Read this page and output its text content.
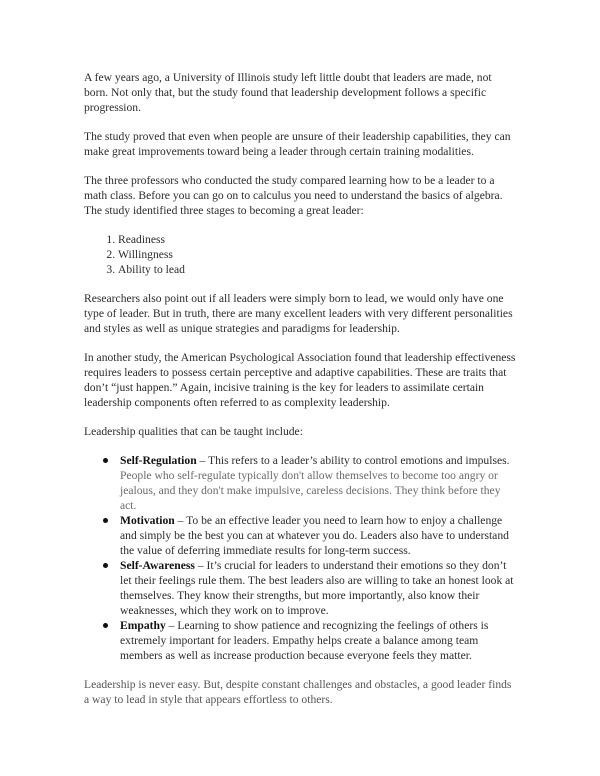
A few years ago, a University of Illinois study left little doubt that leaders are made, not born. Not only that, but the study found that leadership development follows a specific progression.

The study proved that even when people are unsure of their leadership capabilities, they can make great improvements toward being a leader through certain training modalities.

The three professors who conducted the study compared learning how to be a leader to a math class. Before you can go on to calculus you need to understand the basics of algebra. The study identified three stages to becoming a great leader:

1. Readiness
2. Willingness
3. Ability to lead

Researchers also point out if all leaders were simply born to lead, we would only have one type of leader. But in truth, there are many excellent leaders with very different personalities and styles as well as unique strategies and paradigms for leadership.

In another study, the American Psychological Association found that leadership effectiveness requires leaders to possess certain perceptive and adaptive capabilities. These are traits that don’t “just happen.” Again, incisive training is the key for leaders to assimilate certain leadership components often referred to as complexity leadership.

Leadership qualities that can be taught include:

Self-Regulation – This refers to a leader’s ability to control emotions and impulses. People who self-regulate typically don't allow themselves to become too angry or jealous, and they don't make impulsive, careless decisions. They think before they act.
Motivation – To be an effective leader you need to learn how to enjoy a challenge and simply be the best you can at whatever you do. Leaders also have to understand the value of deferring immediate results for long-term success.
Self-Awareness – It’s crucial for leaders to understand their emotions so they don’t let their feelings rule them. The best leaders also are willing to take an honest look at themselves. They know their strengths, but more importantly, also know their weaknesses, which they work on to improve.
Empathy – Learning to show patience and recognizing the feelings of others is extremely important for leaders. Empathy helps create a balance among team members as well as increase production because everyone feels they matter.

Leadership is never easy. But, despite constant challenges and obstacles, a good leader finds a way to lead in style that appears effortless to others.
